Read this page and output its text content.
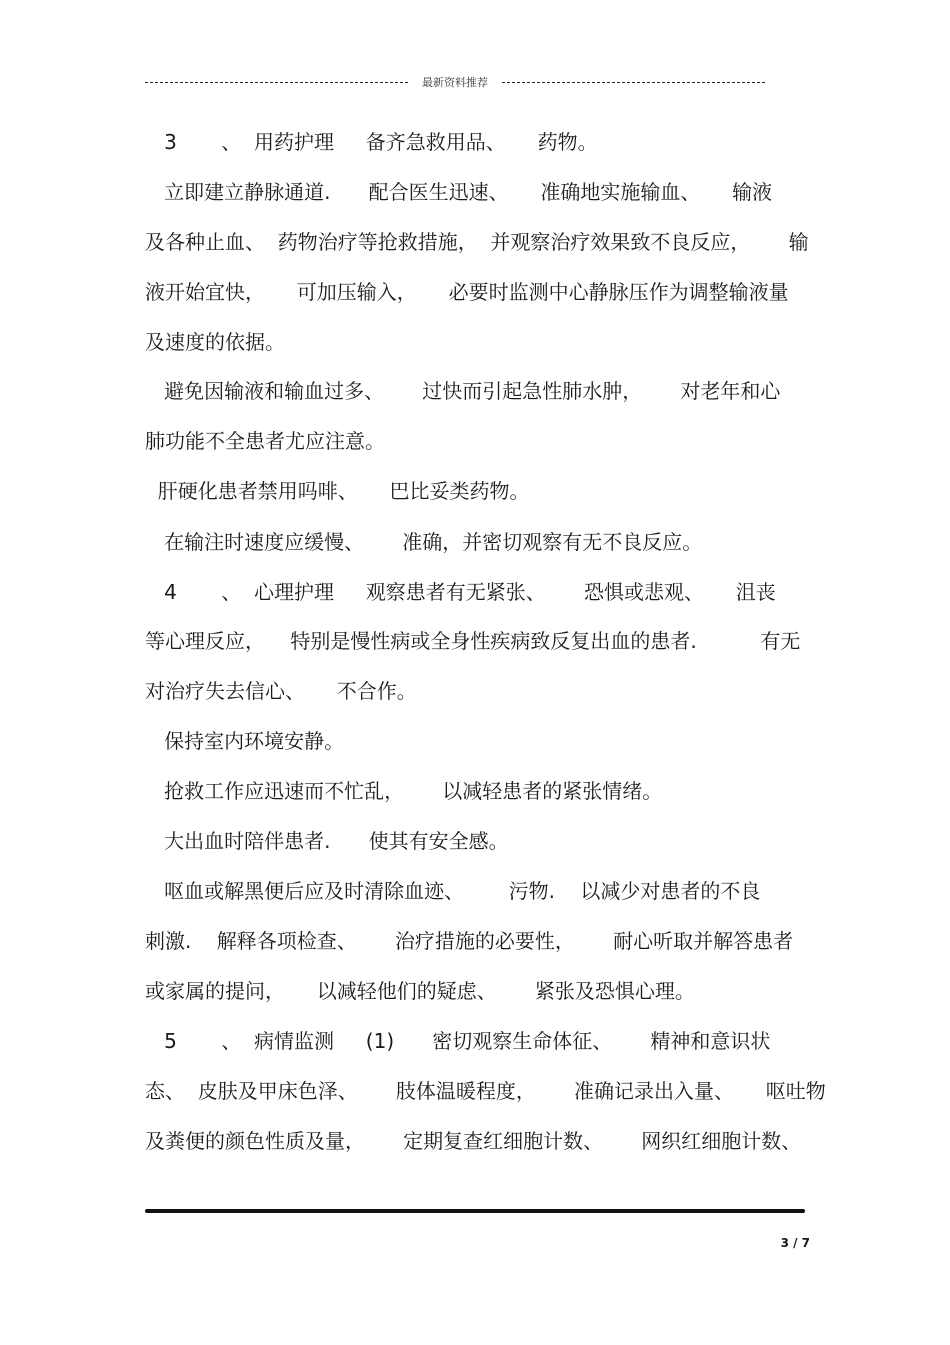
最新资料推荐
3       、  用药护理     备齐急救用品、     药物。
立即建立静脉通道.      配合医生迅速、     准确地实施输血、     输液
及各种止血、  药物治疗等抢救措施，  并观察治疗效果致不良反应，      输
液开始宜快，     可加压输入，     必要时监测中心静脉压作为调整输液量
及速度的依据。
避免因输液和输血过多、      过快而引起急性肺水肿，      对老年和心
肺功能不全患者尤应注意。
肝硬化患者禁用吗啡、     巴比妥类药物。
在输注时速度应缓慢、      准确，并密切观察有无不良反应。
4       、  心理护理     观察患者有无紧张、      恐惧或悲观、     沮丧
等心理反应，    特别是慢性病或全身性疾病致反复出血的患者.          有无
对治疗失去信心、     不合作。
保持室内环境安静。
抢救工作应迅速而不忙乱，      以减轻患者的紧张情绪。
大出血时陪伴患者.      使其有安全感。
呕血或解黑便后应及时清除血迹、       污物.    以减少对患者的不良
刺激.    解释各项检查、      治疗措施的必要性，      耐心听取并解答患者
或家属的提问，     以减轻他们的疑虑、      紧张及恐惧心理。
5       、  病情监测     (1)      密切观察生命体征、      精神和意识状
态、  皮肤及甲床色泽、      肢体温暖程度，      准确记录出入量、     呕吐物
及粪便的颜色性质及量，      定期复查红细胞计数、      网织红细胞计数、
3 / 7
